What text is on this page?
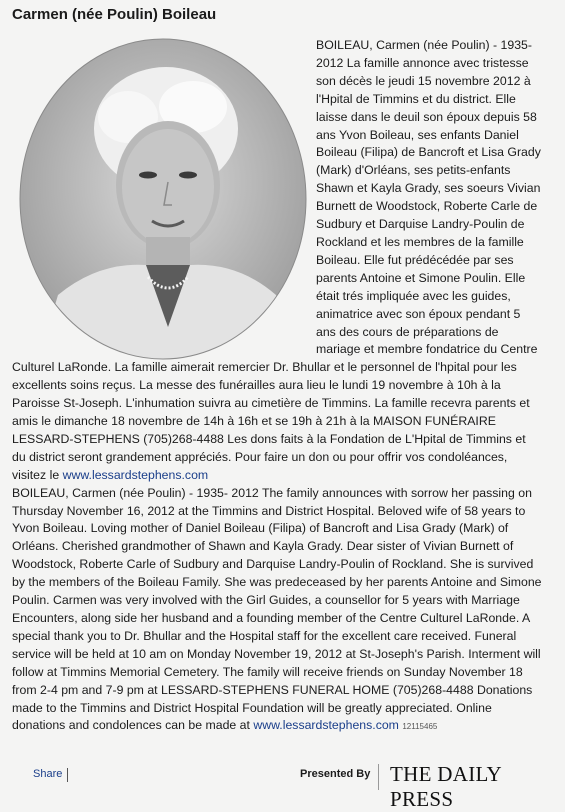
Carmen (née Poulin) Boileau
BOILEAU, Carmen (née Poulin) - 1935-2012 La famille annonce avec tristesse son décès le jeudi 15 novembre 2012 à l'Hpital de Timmins et du district. Elle laisse dans le deuil son époux depuis 58 ans Yvon Boileau, ses enfants Daniel Boileau (Filipa) de Bancroft et Lisa Grady (Mark) d'Orléans, ses petits-enfants Shawn et Kayla Grady, ses soeurs Vivian Burnett de Woodstock, Roberte Carle de Sudbury et Darquise Landry-Poulin de Rockland et les membres de la famille Boileau. Elle fut prédécédée par ses parents Antoine et Simone Poulin. Elle était trés impliquée avec les guides, animatrice avec son époux pendant 5 ans des cours de préparations de mariage et membre fondatrice du Centre Culturel LaRonde. La famille aimerait remercier Dr. Bhullar et le personnel de l'hpital pour les excellents soins reçus. La messe des funérailles aura lieu le lundi 19 novembre à 10h à la Paroisse St-Joseph. L'inhumation suivra au cimetière de Timmins. La famille recevra parents et amis le dimanche 18 novembre de 14h à 16h et se 19h à 21h à la MAISON FUNÉRAIRE LESSARD-STEPHENS (705)268-4488 Les dons faits à la Fondation de L'Hpital de Timmins et du district seront grandement appréciés. Pour faire un don ou pour offrir vos condoléances, visitez le www.lessardstephens.com
BOILEAU, Carmen (née Poulin) - 1935- 2012 The family announces with sorrow her passing on Thursday November 16, 2012 at the Timmins and District Hospital. Beloved wife of 58 years to Yvon Boileau. Loving mother of Daniel Boileau (Filipa) of Bancroft and Lisa Grady (Mark) of Orléans. Cherished grandmother of Shawn and Kayla Grady. Dear sister of Vivian Burnett of Woodstock, Roberte Carle of Sudbury and Darquise Landry-Poulin of Rockland. She is survived by the members of the Boileau Family. She was predeceased by her parents Antoine and Simone Poulin. Carmen was very involved with the Girl Guides, a counsellor for 5 years with Marriage Encounters, along side her husband and a founding member of the Centre Culturel LaRonde. A special thank you to Dr. Bhullar and the Hospital staff for the excellent care received. Funeral service will be held at 10 am on Monday November 19, 2012 at St-Joseph's Parish. Interment will follow at Timmins Memorial Cemetery. The family will receive friends on Sunday November 18 from 2-4 pm and 7-9 pm at LESSARD-STEPHENS FUNERAL HOME (705)268-4488 Donations made to the Timmins and District Hospital Foundation will be greatly appreciated. Online donations and condolences can be made at www.lessardstephens.com 12115465
Share	Presented By THE DAILY PRESS
